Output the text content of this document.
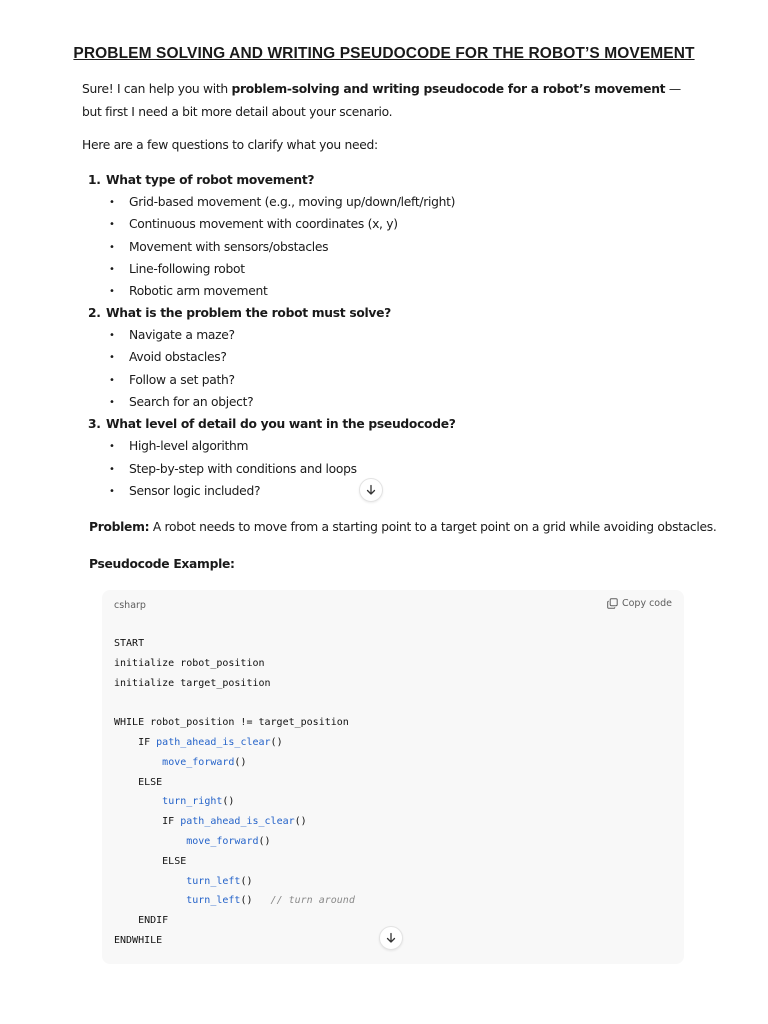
PROBLEM SOLVING AND WRITING PSEUDOCODE FOR THE ROBOT’S MOVEMENT
Sure! I can help you with problem-solving and writing pseudocode for a robot’s movement — but first I need a bit more detail about your scenario.
Here are a few questions to clarify what you need:
1. What type of robot movement?
• Grid-based movement (e.g., moving up/down/left/right)
• Continuous movement with coordinates (x, y)
• Movement with sensors/obstacles
• Line-following robot
• Robotic arm movement
2. What is the problem the robot must solve?
• Navigate a maze?
• Avoid obstacles?
• Follow a set path?
• Search for an object?
3. What level of detail do you want in the pseudocode?
• High-level algorithm
• Step-by-step with conditions and loops
• Sensor logic included?
Problem: A robot needs to move from a starting point to a target point on a grid while avoiding obstacles.
Pseudocode Example:
csharp	Copy code
START
initialize robot_position
initialize target_position
WHILE robot_position != target_position
IF path_ahead_is_clear()
move_forward()
ELSE
turn_right()
IF path_ahead_is_clear()
move_forward()
ELSE
turn_left()
turn_left()   // turn around
ENDIF
ENDWHILE
